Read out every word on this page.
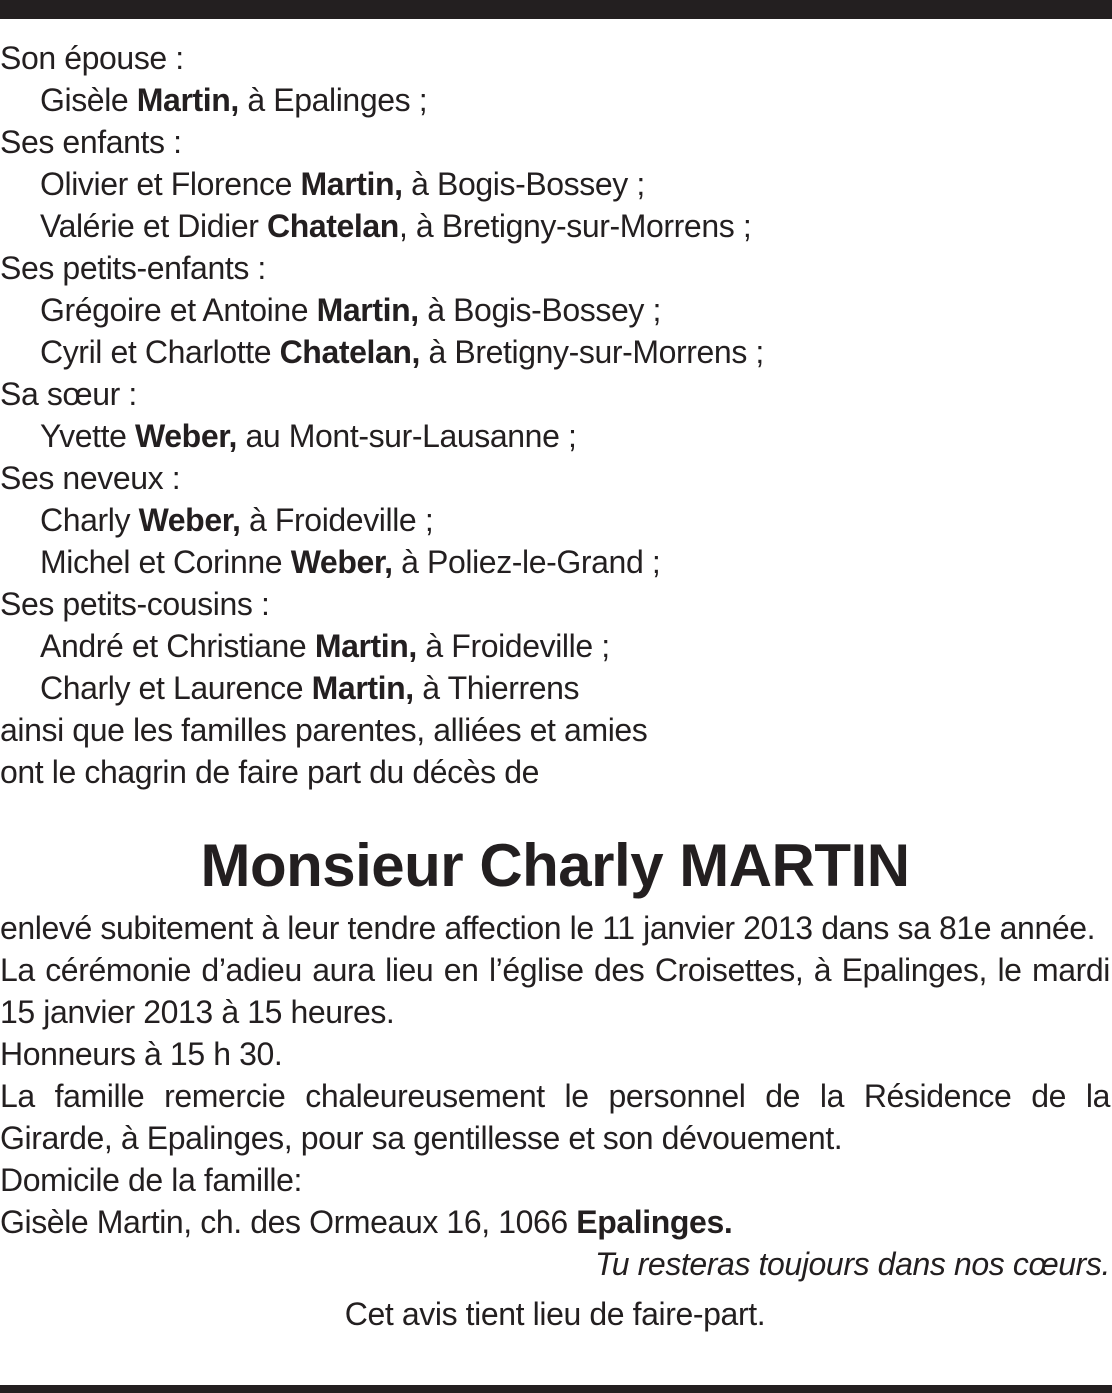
Son épouse :
Gisèle Martin, à Epalinges ;
Ses enfants :
Olivier et Florence Martin, à Bogis-Bossey ;
Valérie et Didier Chatelan, à Bretigny-sur-Morrens ;
Ses petits-enfants :
Grégoire et Antoine Martin, à Bogis-Bossey ;
Cyril et Charlotte Chatelan, à Bretigny-sur-Morrens ;
Sa sœur :
Yvette Weber, au Mont-sur-Lausanne ;
Ses neveux :
Charly Weber, à Froideville ;
Michel et Corinne Weber, à Poliez-le-Grand ;
Ses petits-cousins :
André et Christiane Martin, à Froideville ;
Charly et Laurence Martin, à Thierrens
ainsi que les familles parentes, alliées et amies
ont le chagrin de faire part du décès de
Monsieur Charly MARTIN
enlevé subitement à leur tendre affection le 11 janvier 2013 dans sa 81e année.
La cérémonie d’adieu aura lieu en l’église des Croisettes, à Epalinges, le mardi 15 janvier 2013 à 15 heures.
Honneurs à 15 h 30.
La famille remercie chaleureusement le personnel de la Résidence de la Girarde, à Epalinges, pour sa gentillesse et son dévouement.
Domicile de la famille:
Gisèle Martin, ch. des Ormeaux 16, 1066 Epalinges.
Tu resteras toujours dans nos cœurs.
Cet avis tient lieu de faire-part.
